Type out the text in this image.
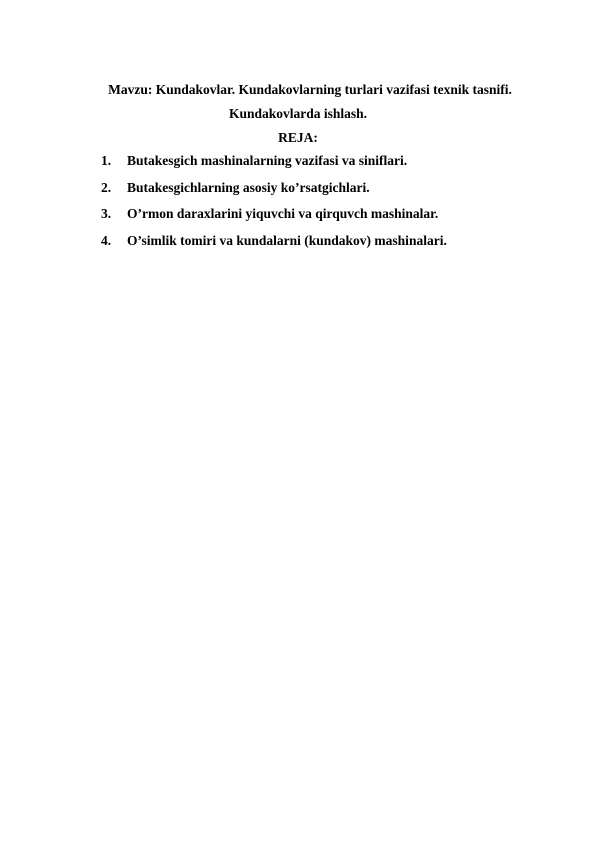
Mavzu: Kundakovlar. Kundakovlarning turlari vazifasi texnik tasnifi.
Kundakovlarda ishlash.
REJA:
1. Butakesgich mashinalarning vazifasi va siniflari.
2. Butakesgichlarning asosiy ko’rsatgichlari.
3. O’rmon daraxlarini yiquvchi va qirquvch mashinalar.
4. O’simlik tomiri va kundalarni (kundakov) mashinalari.
